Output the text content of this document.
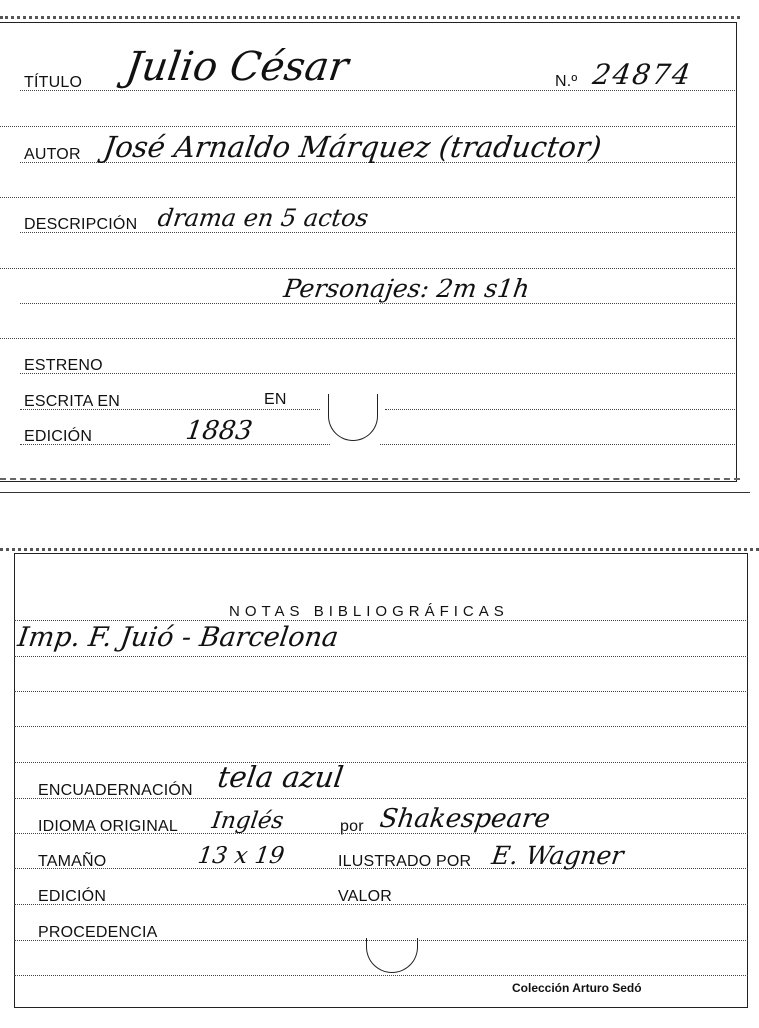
TÍTULO Julio César	N.º 24874
AUTOR José Arnaldo Márquez (traductor)
DESCRIPCIÓN drama en 5 actos
Personajes: 2m s1h
ESTRENO
ESCRITA EN	EN
EDICIÓN	1883
NOTAS BIBLIOGRÁFICAS
Imp. F. Juió - Barcelona
ENCUADERNACIÓN tela azul
IDIOMA ORIGINAL Inglés	por Shakespeare
TAMAÑO	13 x 19	ILUSTRADO POR E. Wagner
EDICIÓN	VALOR
PROCEDENCIA
Colección Arturo Sedó
